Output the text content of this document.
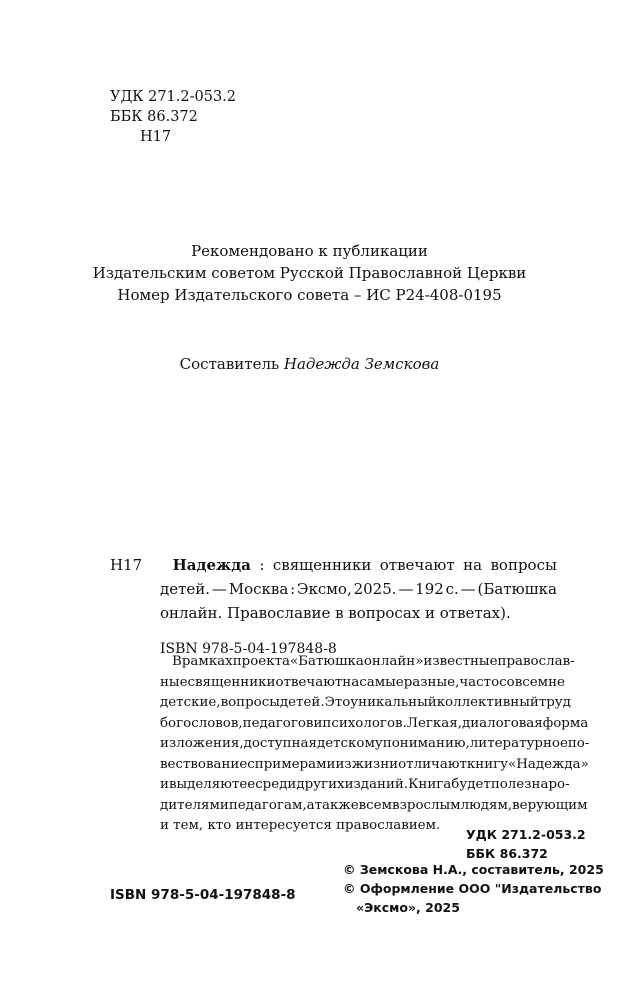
УДК 271.2-053.2
ББК 86.372
Н17
Рекомендовано к публикации
Издательским советом Русской Православной Церкви
Номер Издательского совета – ИС Р24-408-0195
Составитель Надежда Земскова
Н17 Надежда : священники отвечают на вопросы
детей. — Москва : Эксмо, 2025. — 192 с. — (Батюшка
онлайн. Православие в вопросах и ответах).
ISBN 978-5-04-197848-8
В рамках проекта «Батюшка онлайн» известные православ-
ные священники отвечают на самые разные, часто совсем не
детские, вопросы детей. Это уникальный коллективный труд
богословов, педагогов и психологов. Легкая, диалоговая форма
изложения, доступная детскому пониманию, литературное по-
вествование с примерами из жизни отличают книгу «Надежда»
и выделяют ее среди других изданий. Книга будет полезна ро-
дителям и педагогам, а также всем взрослым людям, верующим
и тем, кто интересуется православием.
УДК 271.2-053.2
ББК 86.372
© Земскова Н.А., составитель, 2025
© Оформление ООО "Издательство
«Эксмо», 2025
ISBN 978-5-04-197848-8
